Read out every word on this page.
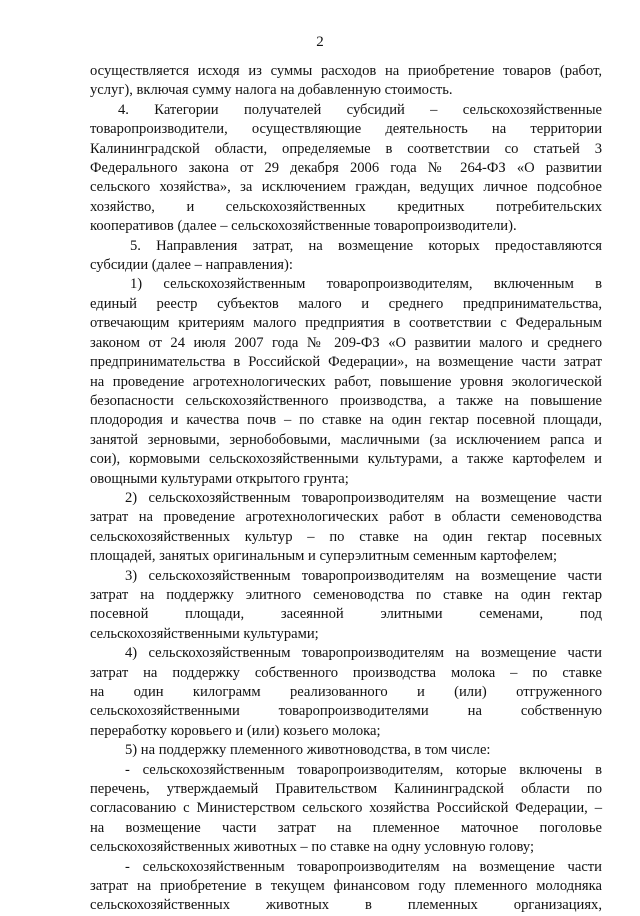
2
осуществляется исходя из суммы расходов на приобретение товаров (работ,
услуг), включая сумму налога на добавленную стоимость.
4. Категории получателей субсидий – сельскохозяйственные
товаропроизводители, осуществляющие деятельность на территории
Калининградской области, определяемые в соответствии со статьей 3
Федерального закона от 29 декабря 2006 года № 264-ФЗ «О развитии
сельского хозяйства», за исключением граждан, ведущих личное подсобное
хозяйство, и сельскохозяйственных кредитных потребительских
кооперативов (далее – сельскохозяйственные товаропроизводители).
5. Направления затрат, на возмещение которых предоставляются
субсидии (далее – направления):
1) сельскохозяйственным товаропроизводителям, включенным в
единый реестр субъектов малого и среднего предпринимательства,
отвечающим критериям малого предприятия в соответствии с Федеральным
законом от 24 июля 2007 года № 209-ФЗ «О развитии малого и среднего
предпринимательства в Российской Федерации», на возмещение части затрат
на проведение агротехнологических работ, повышение уровня экологической
безопасности сельскохозяйственного производства, а также на повышение
плодородия и качества почв – по ставке на один гектар посевной площади,
занятой зерновыми, зернобобовыми, масличными (за исключением рапса и
сои), кормовыми сельскохозяйственными культурами, а также картофелем и
овощными культурами открытого грунта;
2) сельскохозяйственным товаропроизводителям на возмещение части
затрат на проведение агротехнологических работ в области семеноводства
сельскохозяйственных культур – по ставке на один гектар посевных
площадей, занятых оригинальным и суперэлитным семенным картофелем;
3) сельскохозяйственным товаропроизводителям на возмещение части
затрат на поддержку элитного семеноводства по ставке на один гектар
посевной площади, засеянной элитными семенами, под
сельскохозяйственными культурами;
4) сельскохозяйственным товаропроизводителям на возмещение части
затрат на поддержку собственного производства молока – по ставке
на один килограмм реализованного и (или) отгруженного
сельскохозяйственными товаропроизводителями на собственную
переработку коровьего и (или) козьего молока;
5) на поддержку племенного животноводства, в том числе:
- сельскохозяйственным товаропроизводителям, которые включены в
перечень, утверждаемый Правительством Калининградской области по
согласованию с Министерством сельского хозяйства Российской Федерации, –
на возмещение части затрат на племенное маточное поголовье
сельскохозяйственных животных – по ставке на одну условную голову;
- сельскохозяйственным товаропроизводителям на возмещение части
затрат на приобретение в текущем финансовом году племенного молодняка
сельскохозяйственных животных в племенных организациях,
